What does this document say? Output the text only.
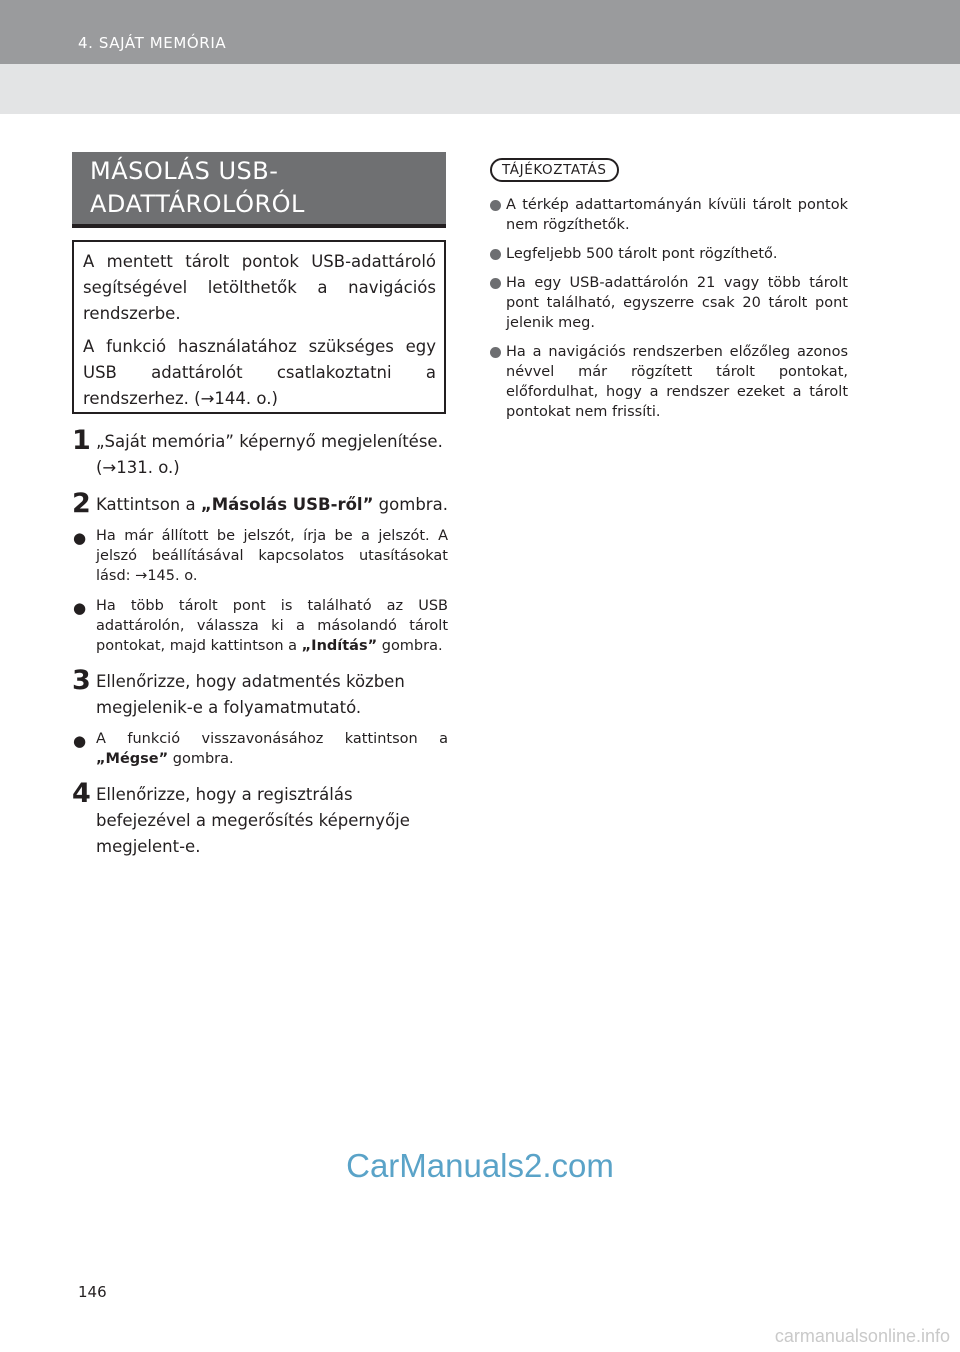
4. SAJÁT MEMÓRIA
MÁSOLÁS USB-ADATTÁROLÓRÓL

A mentett tárolt pontok USB-adattároló segítségével letölthetők a navigációs rendszerbe.

A funkció használatához szükséges egy USB adattárolót csatlakoztatni a rendszerhez. (→144. o.)

1 „Saját memória” képernyő megjelenítése. (→131. o.)
2 Kattintson a „Másolás USB-ről” gombra.
● Ha már állított be jelszót, írja be a jelszót. A jelszó beállításával kapcsolatos utasításokat lásd: →145. o.
● Ha több tárolt pont is található az USB adattárolón, válassza ki a másolandó tárolt pontokat, majd kattintson a „Indítás” gombra.
3 Ellenőrizze, hogy adatmentés közben megjelenik-e a folyamatmutató.
● A funkció visszavonásához kattintson a „Mégse” gombra.
4 Ellenőrizze, hogy a regisztrálás befejezével a megerősítés képernyője megjelent-e.
TÁJÉKOZTATÁS
A térkép adattartományán kívüli tárolt pontok nem rögzíthetők.
Legfeljebb 500 tárolt pont rögzíthető.
Ha egy USB-adattárolón 21 vagy több tárolt pont található, egyszerre csak 20 tárolt pont jelenik meg.
Ha a navigációs rendszerben előzőleg azonos névvel már rögzített tárolt pontokat, előfordulhat, hogy a rendszer ezeket a tárolt pontokat nem frissíti.
CarManuals2.com
146
carmanualsonline.info
